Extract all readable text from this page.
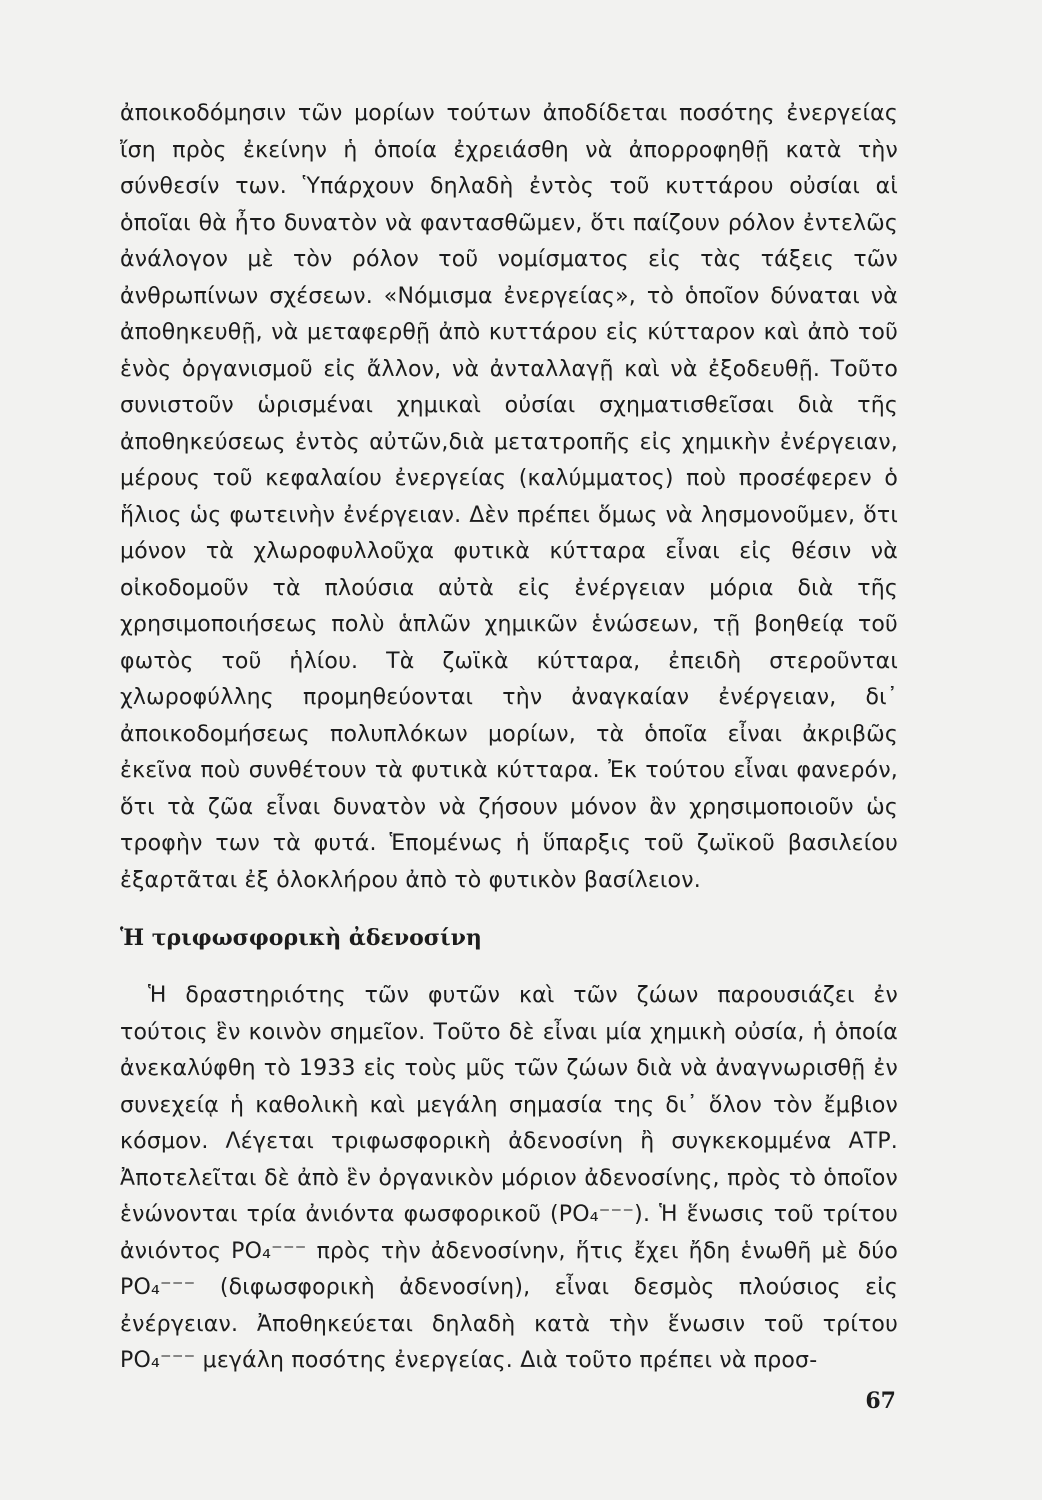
ἀποικοδόμησιν τῶν μορίων τούτων ἀποδίδεται ποσότης ἐνεργείας ἴση πρὸς ἐκείνην ἡ ὁποία ἐχρειάσθη νὰ ἀπορροφηθῇ κατὰ τὴν σύνθεσίν των. Ὑπάρχουν δηλαδὴ ἐντὸς τοῦ κυττάρου οὐσίαι αἱ ὁποῖαι θὰ ἦτο δυνατὸν νὰ φαντασθῶμεν, ὅτι παίζουν ρόλον ἐντελῶς ἀνάλογον μὲ τὸν ρόλον τοῦ νομίσματος εἰς τὰς τάξεις τῶν ἀνθρωπίνων σχέσεων. «Νόμισμα ἐνεργείας», τὸ ὁποῖον δύναται νὰ ἀποθηκευθῇ, νὰ μεταφερθῇ ἀπὸ κυττάρου εἰς κύτταρον καὶ ἀπὸ τοῦ ἑνὸς ὀργανισμοῦ εἰς ἄλλον, νὰ ἀνταλλαγῇ καὶ νὰ ἐξοδευθῇ. Τοῦτο συνιστοῦν ὡρισμέναι χημικαὶ οὐσίαι σχηματισθεῖσαι διὰ τῆς ἀποθηκεύσεως ἐντὸς αὐτῶν,διὰ μετατροπῆς εἰς χημικὴν ἐνέργειαν, μέρους τοῦ κεφαλαίου ἐνεργείας (καλύμματος) ποὺ προσέφερεν ὁ ἥλιος ὡς φωτεινὴν ἐνέργειαν. Δὲν πρέπει ὅμως νὰ λησμονοῦμεν, ὅτι μόνον τὰ χλωροφυλλοῦχα φυτικὰ κύτταρα εἶναι εἰς θέσιν νὰ οἰκοδομοῦν τὰ πλούσια αὐτὰ εἰς ἐνέργειαν μόρια διὰ τῆς χρησιμοποιήσεως πολὺ ἁπλῶν χημικῶν ἑνώσεων, τῇ βοηθείᾳ τοῦ φωτὸς τοῦ ἡλίου. Τὰ ζωϊκὰ κύτταρα, ἐπειδὴ στεροῦνται χλωροφύλλης προμηθεύονται τὴν ἀναγκαίαν ἐνέργειαν, δι᾿ ἀποικοδομήσεως πολυπλόκων μορίων, τὰ ὁποῖα εἶναι ἀκριβῶς ἐκεῖνα ποὺ συνθέτουν τὰ φυτικὰ κύτταρα. Ἐκ τούτου εἶναι φανερόν, ὅτι τὰ ζῶα εἶναι δυνατὸν νὰ ζήσουν μόνον ἂν χρησιμοποιοῦν ὡς τροφὴν των τὰ φυτά. Ἑπομένως ἡ ὕπαρξις τοῦ ζωϊκοῦ βασιλείου ἐξαρτᾶται ἐξ ὁλοκλήρου ἀπὸ τὸ φυτικὸν βασίλειον.

Ἡ τριφωσφορικὴ ἀδενοσίνη

Ἡ δραστηριότης τῶν φυτῶν καὶ τῶν ζώων παρουσιάζει ἐν τούτοις ἓν κοινὸν σημεῖον. Τοῦτο δὲ εἶναι μία χημικὴ οὐσία, ἡ ὁποία ἀνεκαλύφθη τὸ 1933 εἰς τοὺς μῦς τῶν ζώων διὰ νὰ ἀναγνωρισθῇ ἐν συνεχείᾳ ἡ καθολικὴ καὶ μεγάλη σημασία της δι᾿ ὅλον τὸν ἔμβιον κόσμον. Λέγεται τριφωσφορικὴ ἀδενοσίνη ἢ συγκεκομμένα ΑΤΡ. Ἀποτελεῖται δὲ ἀπὸ ἓν ὀργανικὸν μόριον ἀδενοσίνης, πρὸς τὸ ὁποῖον ἑνώνονται τρία ἀνιόντα φωσφορικοῦ (PO₄⁻⁻⁻). Ἡ ἕνωσις τοῦ τρίτου ἀνιόντος PO₄⁻⁻⁻ πρὸς τὴν ἀδενοσίνην, ἥτις ἔχει ἤδη ἑνωθῆ μὲ δύο PO₄⁻⁻⁻ (διφωσφορικὴ ἀδενοσίνη), εἶναι δεσμὸς πλούσιος εἰς ἐνέργειαν. Ἀποθηκεύεται δηλαδὴ κατὰ τὴν ἕνωσιν τοῦ τρίτου PO₄⁻⁻⁻ μεγάλη ποσότης ἐνεργείας. Διὰ τοῦτο πρέπει νὰ προσ-

67
